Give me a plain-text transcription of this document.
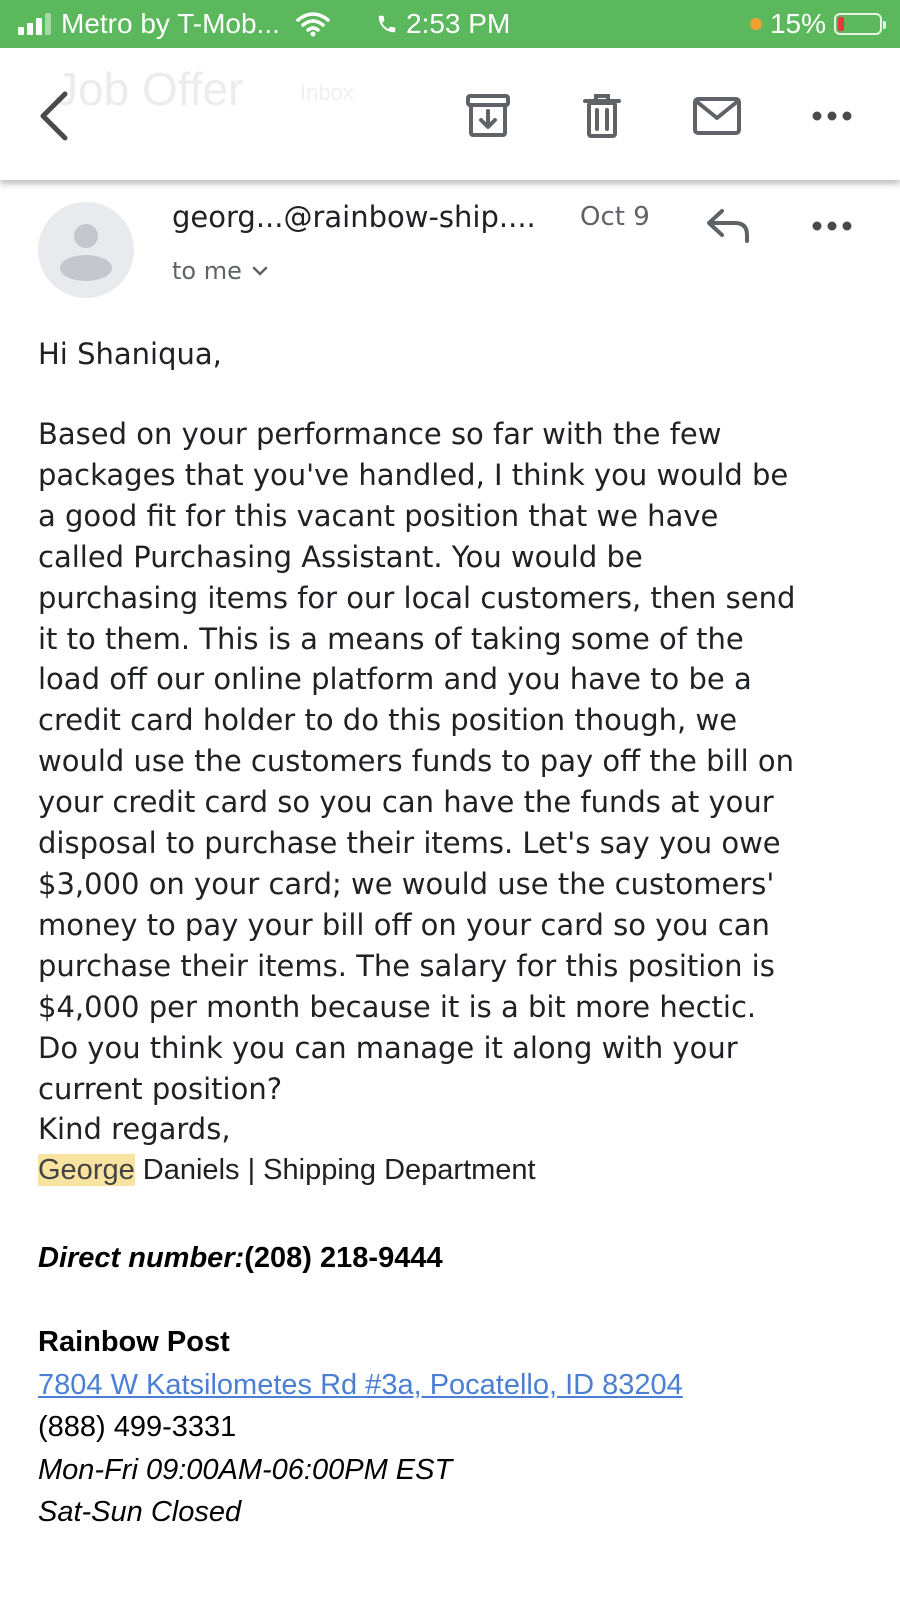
Metro by T-Mob...	2:53 PM	15%
Job Offer	Inbox
georg...@rainbow-ship.... Oct 9
to me
Hi Shaniqua,
Based on your performance so far with the few
packages that you've handled, I think you would be
a good fit for this vacant position that we have
called Purchasing Assistant. You would be
purchasing items for our local customers, then send
it to them. This is a means of taking some of the
load off our online platform and you have to be a
credit card holder to do this position though, we
would use the customers funds to pay off the bill on
your credit card so you can have the funds at your
disposal to purchase their items. Let's say you owe
$3,000 on your card; we would use the customers'
money to pay your bill off on your card so you can
purchase their items. The salary for this position is
$4,000 per month because it is a bit more hectic.
Do you think you can manage it along with your
current position?
Kind regards,
George Daniels | Shipping Department
Direct number:(208) 218-9444
Rainbow Post
7804 W Katsilometes Rd #3a, Pocatello, ID 83204
(888) 499-3331
Mon-Fri 09:00AM-06:00PM EST
Sat-Sun Closed
